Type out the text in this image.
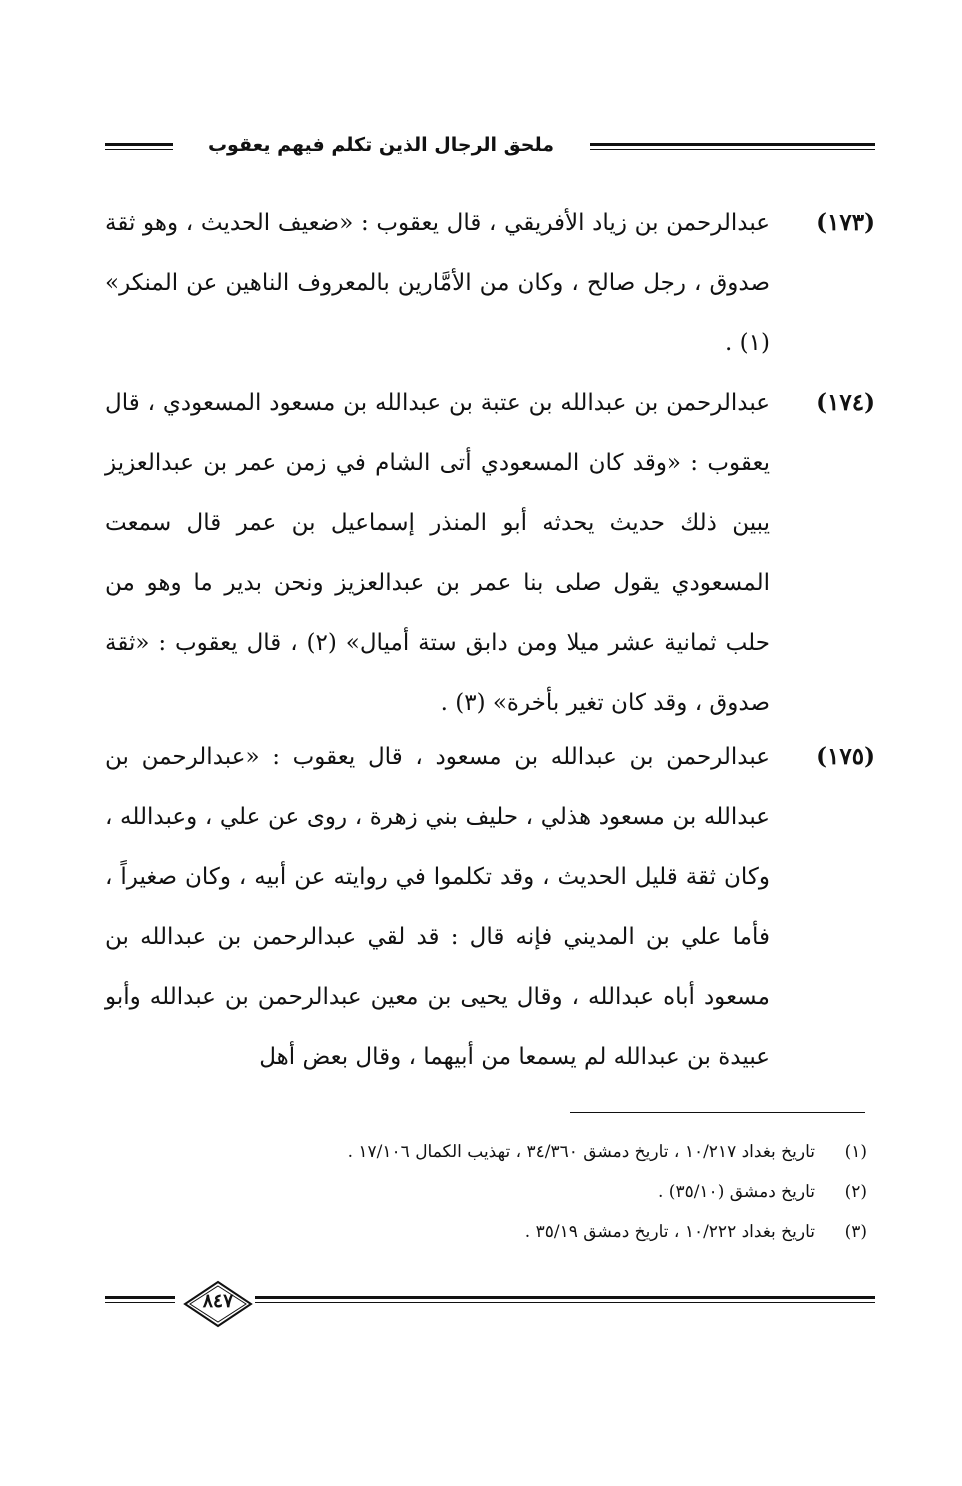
ملحق الرجال الذين تكلم فيهم يعقوب
(١٧٣)
عبدالرحمن بن زياد الأفريقي ، قال يعقوب : «ضعيف الحديث ، وهو ثقة صدوق ، رجل صالح ، وكان من الأمَّارين بالمعروف الناهين عن المنكر» (١) .
(١٧٤)
عبدالرحمن بن عبدالله بن عتبة بن عبدالله بن مسعود المسعودي ، قال يعقوب : «وقد كان المسعودي أتى الشام في زمن عمر بن عبدالعزيز يبين ذلك حديث يحدثه أبو المنذر إسماعيل بن عمر قال سمعت المسعودي يقول صلى بنا عمر بن عبدالعزيز ونحن بدير ما وهو من حلب ثمانية عشر ميلا ومن دابق ستة أميال» (٢) ، قال يعقوب : «ثقة صدوق ، وقد كان تغير بأخرة» (٣) .
(١٧٥)
عبدالرحمن بن عبدالله بن مسعود ، قال يعقوب : «عبدالرحمن بن عبدالله بن مسعود هذلي ، حليف بني زهرة ، روى عن علي ، وعبدالله ، وكان ثقة قليل الحديث ، وقد تكلموا في روايته عن أبيه ، وكان صغيراً ، فأما علي بن المديني فإنه قال : قد لقي عبدالرحمن بن عبدالله بن مسعود أباه عبدالله ، وقال يحيى بن معين عبدالرحمن بن عبدالله وأبو عبيدة بن عبدالله لم يسمعا من أبيهما ، وقال بعض أهل
(١)
تاريخ بغداد ١٠/٢١٧ ، تاريخ دمشق ٣٤/٣٦٠ ، تهذيب الكمال ١٧/١٠٦ .
(٢)
تاريخ دمشق (٣٥/١٠) .
(٣)
تاريخ بغداد ١٠/٢٢٢ ، تاريخ دمشق ٣٥/١٩ .
٨٤٧
